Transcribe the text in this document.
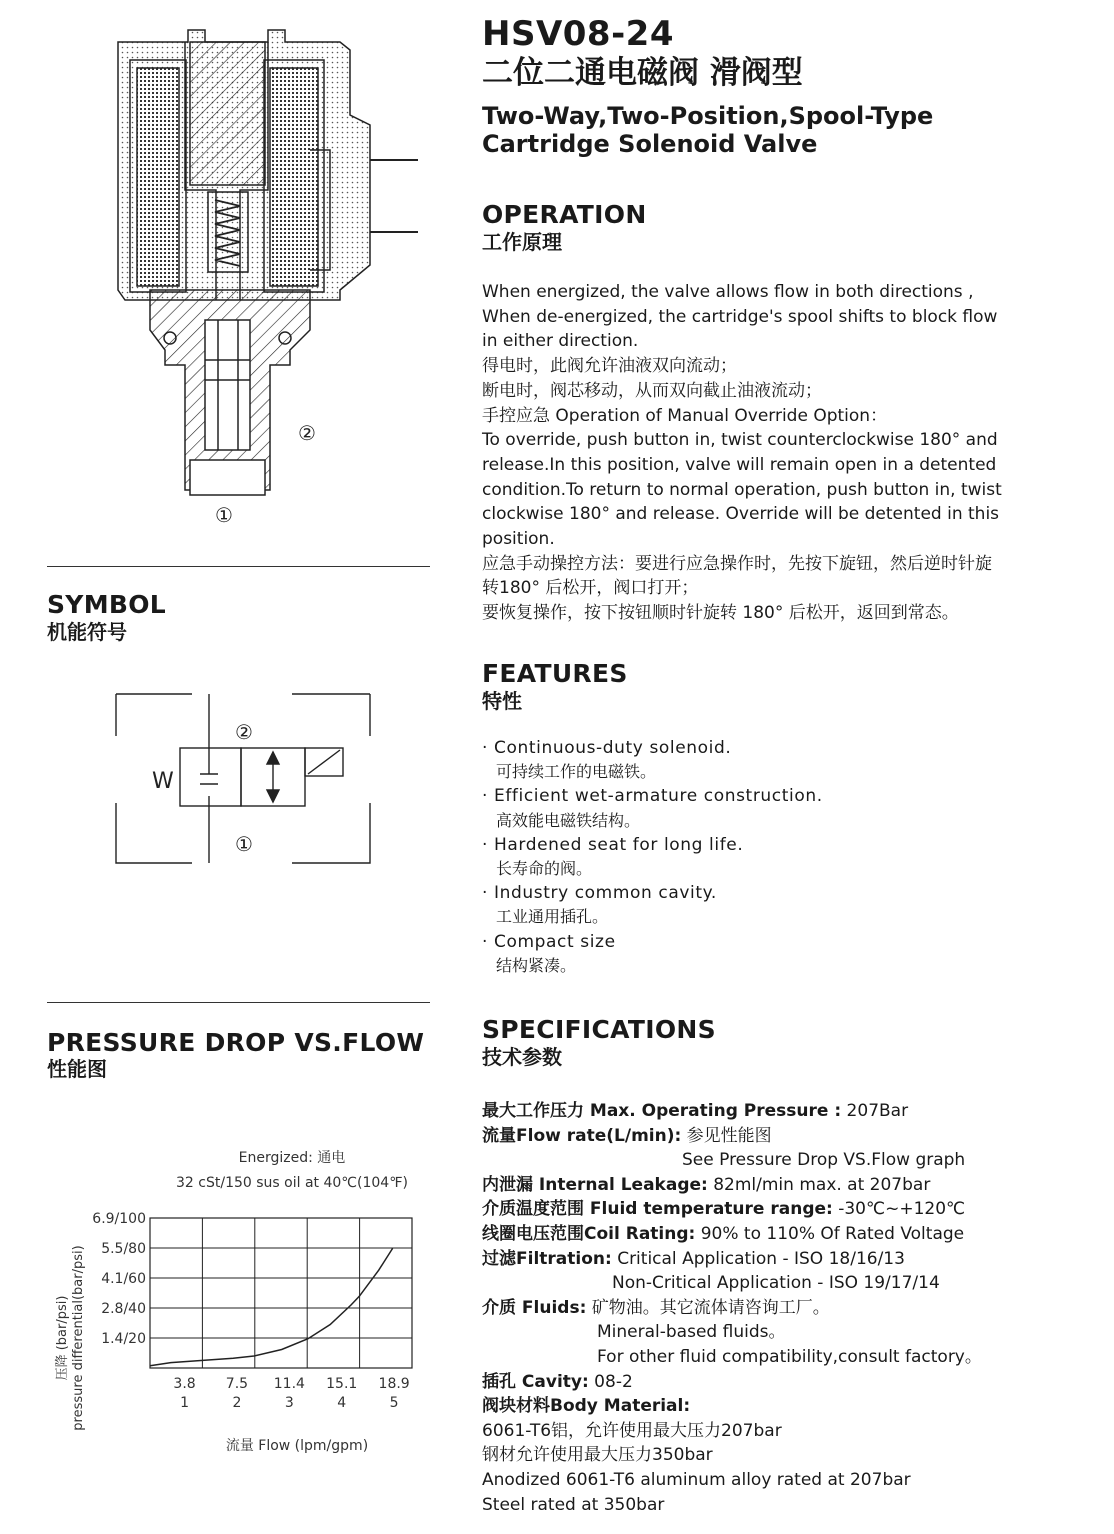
HSV08-24
二位二通电磁阀 滑阀型
Two-Way,Two-Position,Spool-Type
Cartridge Solenoid Valve
②
①
SYMBOL
机能符号
W
②
①
PRESSURE DROP VS.FLOW
性能图
Energized: 通电
32 cSt/150 sus oil at 40℃(104℉)
压降 (bar/psi) pressure differential(bar/psi)
流量 Flow (lpm/gpm)
6.9/100
5.5/80
4.1/60
2.8/40
1.4/20
3.8
1
7.5
2
11.4
3
15.1
4
18.9
5
OPERATION
工作原理
When energized, the valve allows flow in both directions ,
When de-energized, the cartridge's spool shifts to block flow
in either direction.
得电时，此阀允许油液双向流动；
断电时，阀芯移动，从而双向截止油液流动；
手控应急 Operation of Manual Override Option：
To override, push button in, twist counterclockwise 180° and
release.In this position, valve will remain open in a detented
condition.To return to normal operation, push button in, twist
clockwise 180° and release. Override will be detented in this
position.
应急手动操控方法：要进行应急操作时，先按下旋钮，然后逆时针旋
转180° 后松开，阀口打开；
要恢复操作，按下按钮顺时针旋转 180° 后松开，返回到常态。
FEATURES
特性
· Continuous-duty solenoid.
可持续工作的电磁铁。
· Efficient wet-armature construction.
高效能电磁铁结构。
· Hardened seat for long life.
长寿命的阀。
· Industry common cavity.
工业通用插孔。
· Compact size
结构紧凑。
SPECIFICATIONS
技术参数
最大工作压力 Max. Operating Pressure : 207Bar
流量Flow rate(L/min): 参见性能图
See Pressure Drop VS.Flow graph
内泄漏 Internal Leakage: 82ml/min max. at 207bar
介质温度范围 Fluid temperature range: -30℃~+120℃
线圈电压范围Coil Rating: 90% to 110% Of Rated Voltage
过滤Filtration: Critical Application - ISO 18/16/13
Non-Critical Application - ISO 19/17/14
介质 Fluids: 矿物油。其它流体请咨询工厂。
Mineral-based fluids。
For other fluid compatibility,consult factory。
插孔 Cavity: 08-2
阀块材料Body Material:
6061-T6铝，允许使用最大压力207bar
钢材允许使用最大压力350bar
Anodized 6061-T6 aluminum alloy rated at 207bar
Steel rated at 350bar
